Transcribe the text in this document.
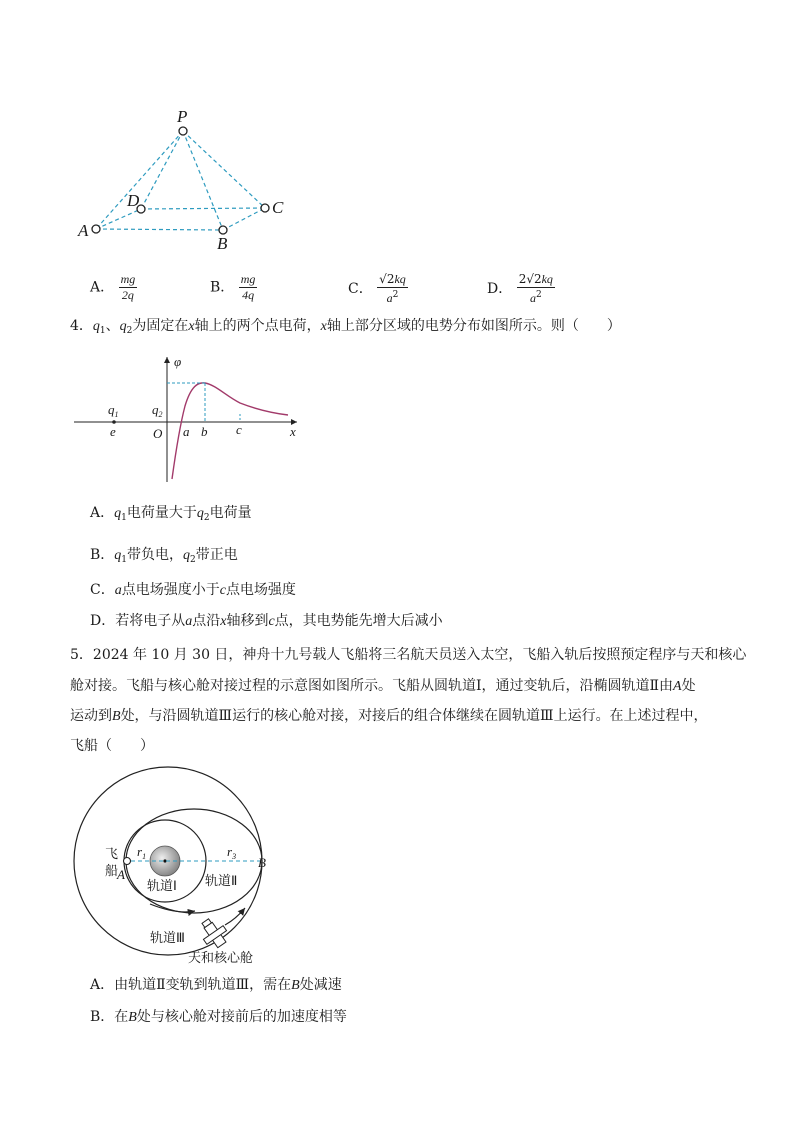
P
D	C
A
B
A． $\frac{mg}{2q}$	B． $\frac{mg}{4q}$	C． $\frac{√2kq}{a^2}$	D． $\frac{2√2kq}{a^2}$
4．$q_1$、$q_2$为固定在x轴上的两个点电荷，x轴上部分区域的电势分布如图所示。则（　　）
φ
$q_1$	$q_2$
e	O a b c	x
A．$q_1$电荷量大于$q_2$电荷量
B．$q_1$带负电，$q_2$带正电
C．a点电场强度小于c点电场强度
D．若将电子从a点沿x轴移到c点，其电势能先增大后减小
5．2024 年 10 月 30 日，神舟十九号载人飞船将三名航天员送入太空，飞船入轨后按照预定程序与天和核心
舱对接。飞船与核心舱对接过程的示意图如图所示。飞船从圆轨道Ⅰ，通过变轨后，沿椭圆轨道Ⅱ由A处
运动到B处，与沿圆轨道Ⅲ运行的核心舱对接，对接后的组合体继续在圆轨道Ⅲ上运行。在上述过程中，
飞船（　　）
飞
船
A
B
$r_1$	$r_3$
轨道Ⅰ 轨道Ⅱ
轨道Ⅲ
天和核心舱
A．由轨道Ⅱ变轨到轨道Ⅲ，需在B处减速
B．在B处与核心舱对接前后的加速度相等
